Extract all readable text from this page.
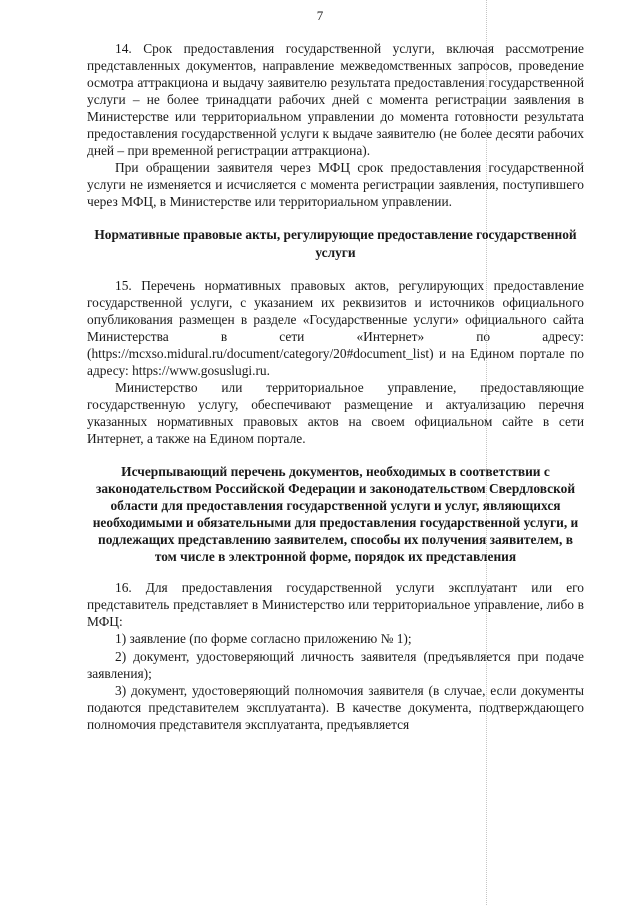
7

14. Срок предоставления государственной услуги, включая рассмотрение представленных документов, направление межведомственных запросов, проведение осмотра аттракциона и выдачу заявителю результата предоставления государственной услуги – не более тринадцати рабочих дней с момента регистрации заявления в Министерстве или территориальном управлении до момента готовности результата предоставления государственной услуги к выдаче заявителю (не более десяти рабочих дней – при временной регистрации аттракциона).

При обращении заявителя через МФЦ срок предоставления государственной услуги не изменяется и исчисляется с момента регистрации заявления, поступившего через МФЦ, в Министерстве или территориальном управлении.

Нормативные правовые акты, регулирующие предоставление государственной услуги

15. Перечень нормативных правовых актов, регулирующих предоставление государственной услуги, с указанием их реквизитов и источников официального опубликования размещен в разделе «Государственные услуги» официального сайта Министерства в сети «Интернет» по адресу: (https://mcxso.midural.ru/document/category/20#document_list) и на Едином портале по адресу: https://www.gosuslugi.ru.

Министерство или территориальное управление, предоставляющие государственную услугу, обеспечивают размещение и актуализацию перечня указанных нормативных правовых актов на своем официальном сайте в сети Интернет, а также на Едином портале.

Исчерпывающий перечень документов, необходимых в соответствии с законодательством Российской Федерации и законодательством Свердловской области для предоставления государственной услуги и услуг, являющихся необходимыми и обязательными для предоставления государственной услуги, и подлежащих представлению заявителем, способы их получения заявителем, в том числе в электронной форме, порядок их представления

16. Для предоставления государственной услуги эксплуатант или его представитель представляет в Министерство или территориальное управление, либо в МФЦ:

1) заявление (по форме согласно приложению № 1);

2) документ, удостоверяющий личность заявителя (предъявляется при подаче заявления);

3) документ, удостоверяющий полномочия заявителя (в случае, если документы подаются представителем эксплуатанта). В качестве документа, подтверждающего полномочия представителя эксплуатанта, предъявляется
